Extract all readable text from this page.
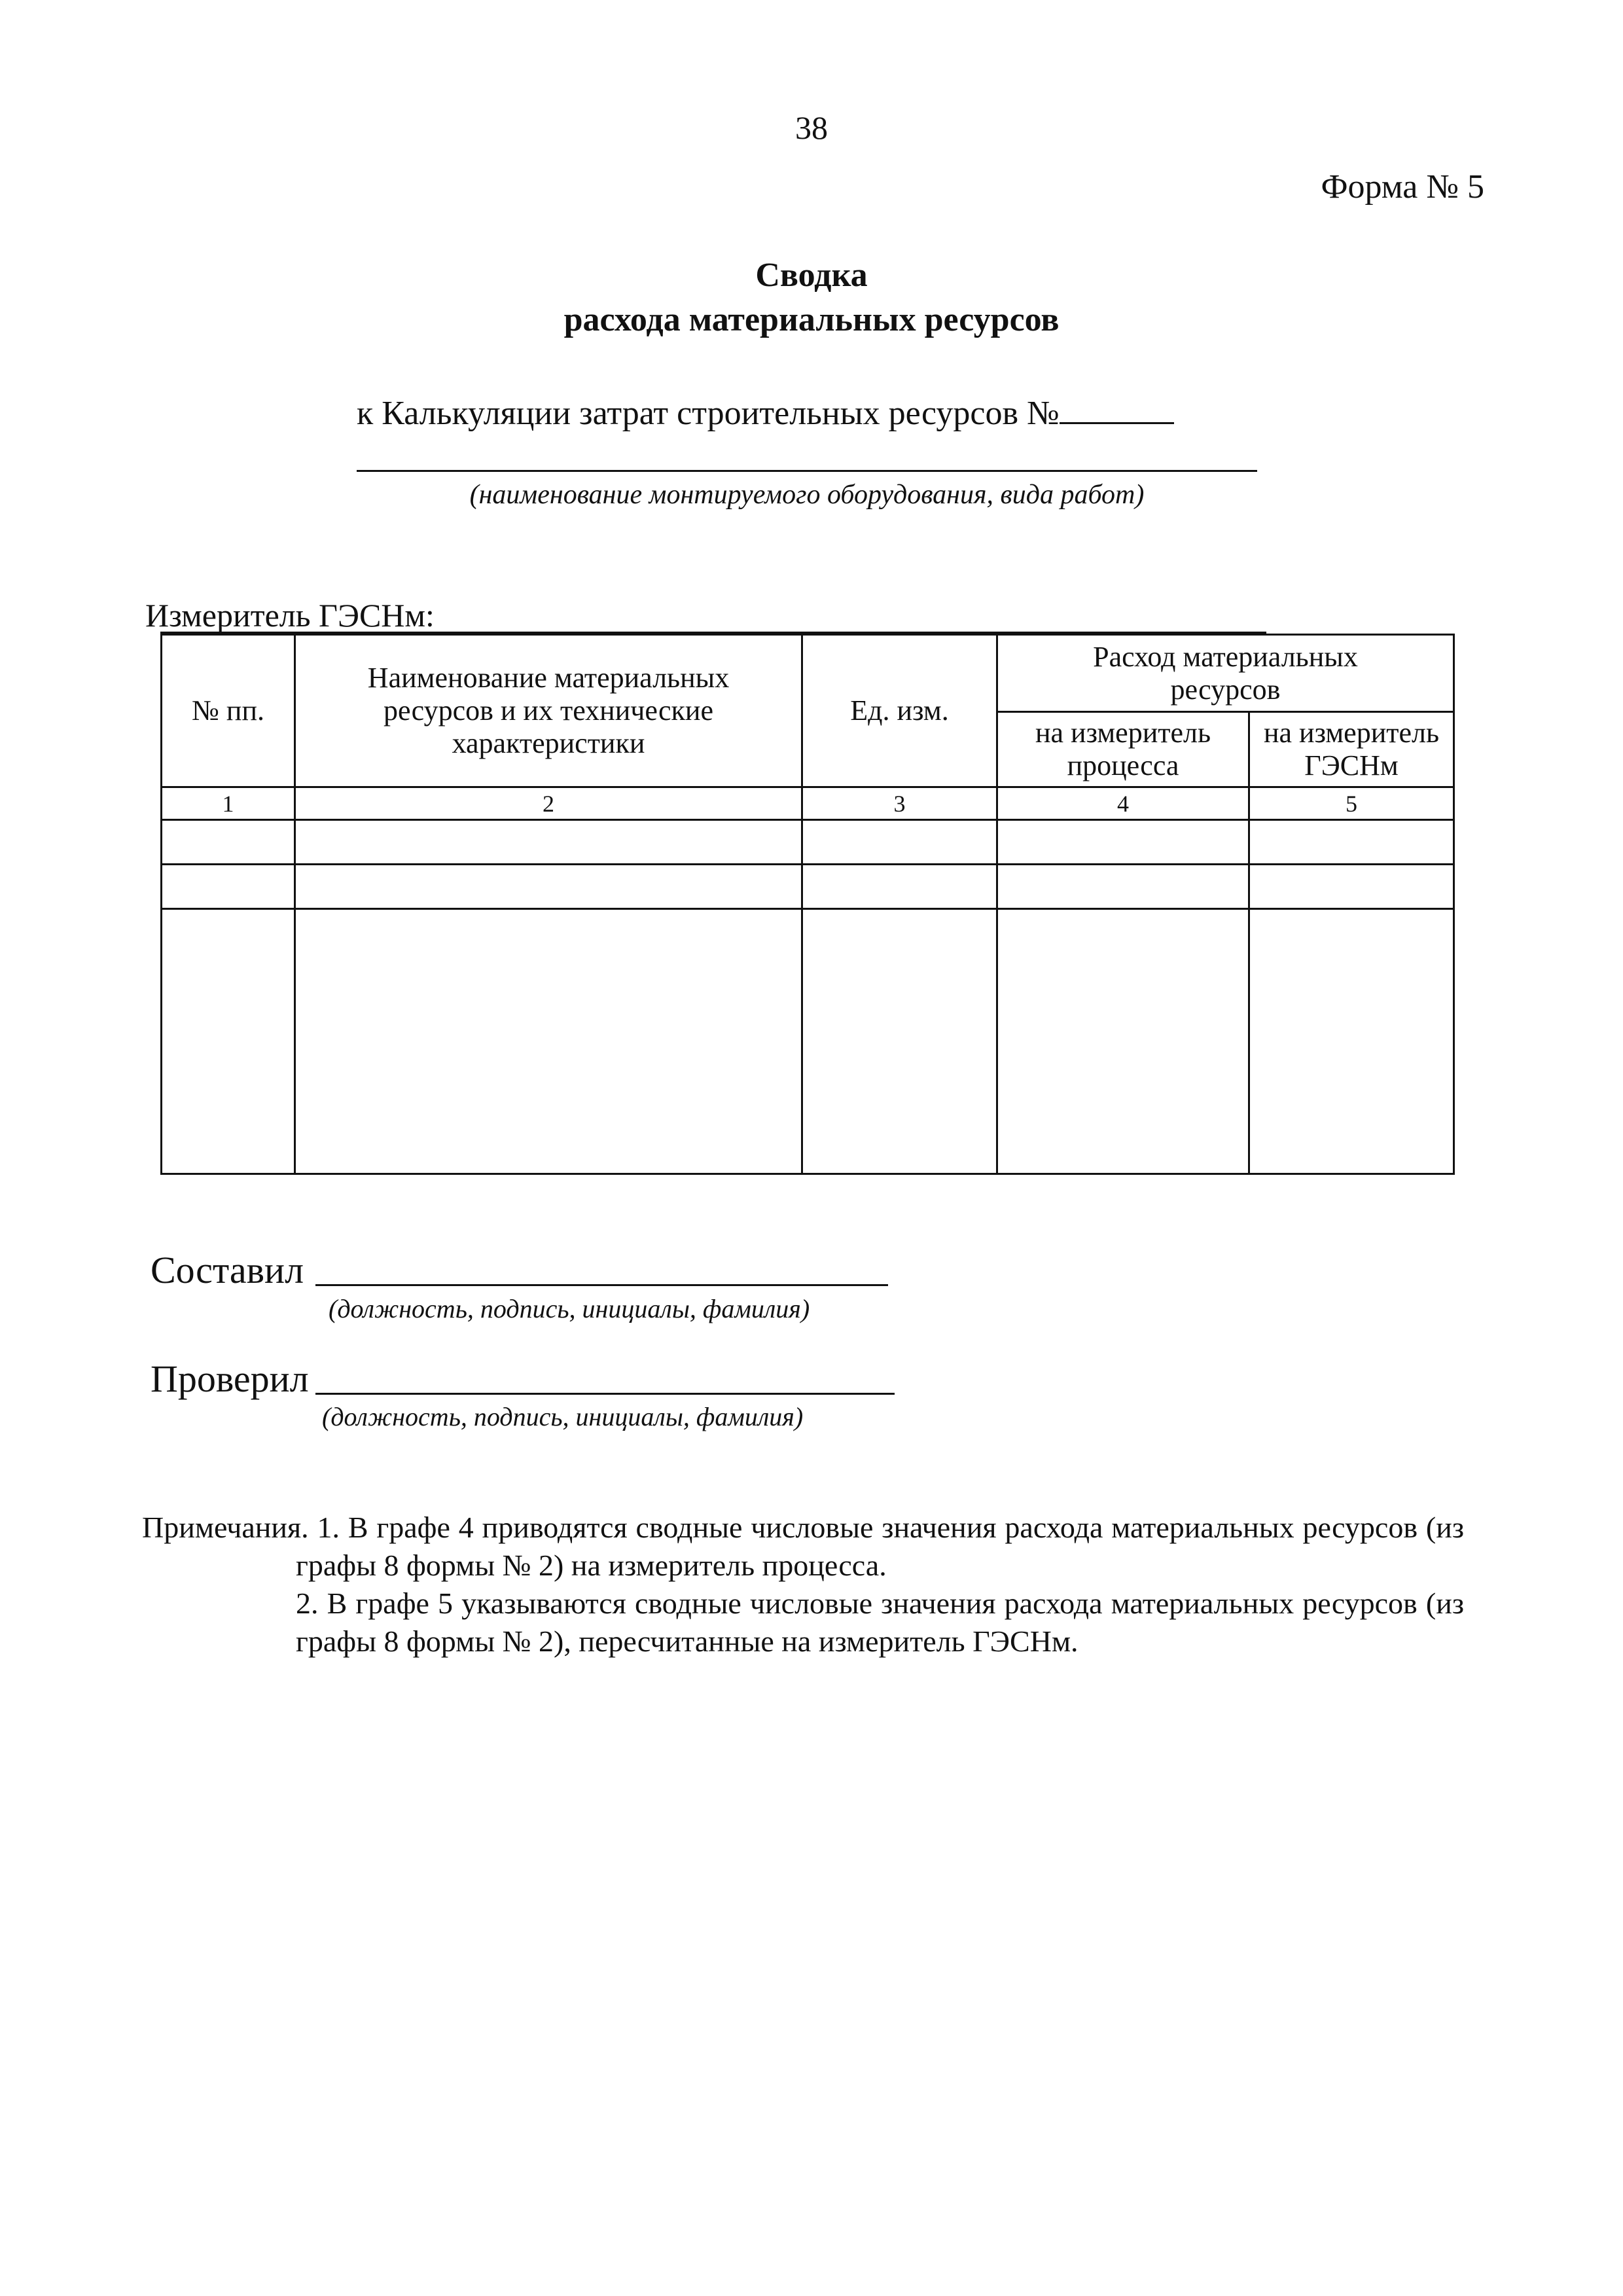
38
Форма № 5
Сводка
расхода материальных ресурсов
к Калькуляции затрат строительных ресурсов №
(наименование монтируемого оборудования, вида работ)
Измеритель ГЭСНм:
№ пп.	Наименование материальных ресурсов и их технические характеристики	Ед. изм.	Расход материальных ресурсов	
			на измеритель процесса	на измеритель ГЭСНм
1	2	3	4	5

Составил
(должность, подпись, инициалы, фамилия)
Проверил
(должность, подпись, инициалы, фамилия)

Примечания. 1. В графе 4 приводятся сводные числовые значения расхода материальных ресурсов (из графы 8 формы № 2) на измеритель процесса.

2. В графе 5 указываются сводные числовые значения расхода материальных ресурсов (из графы 8 формы № 2), пересчитанные на измеритель ГЭСНм.
